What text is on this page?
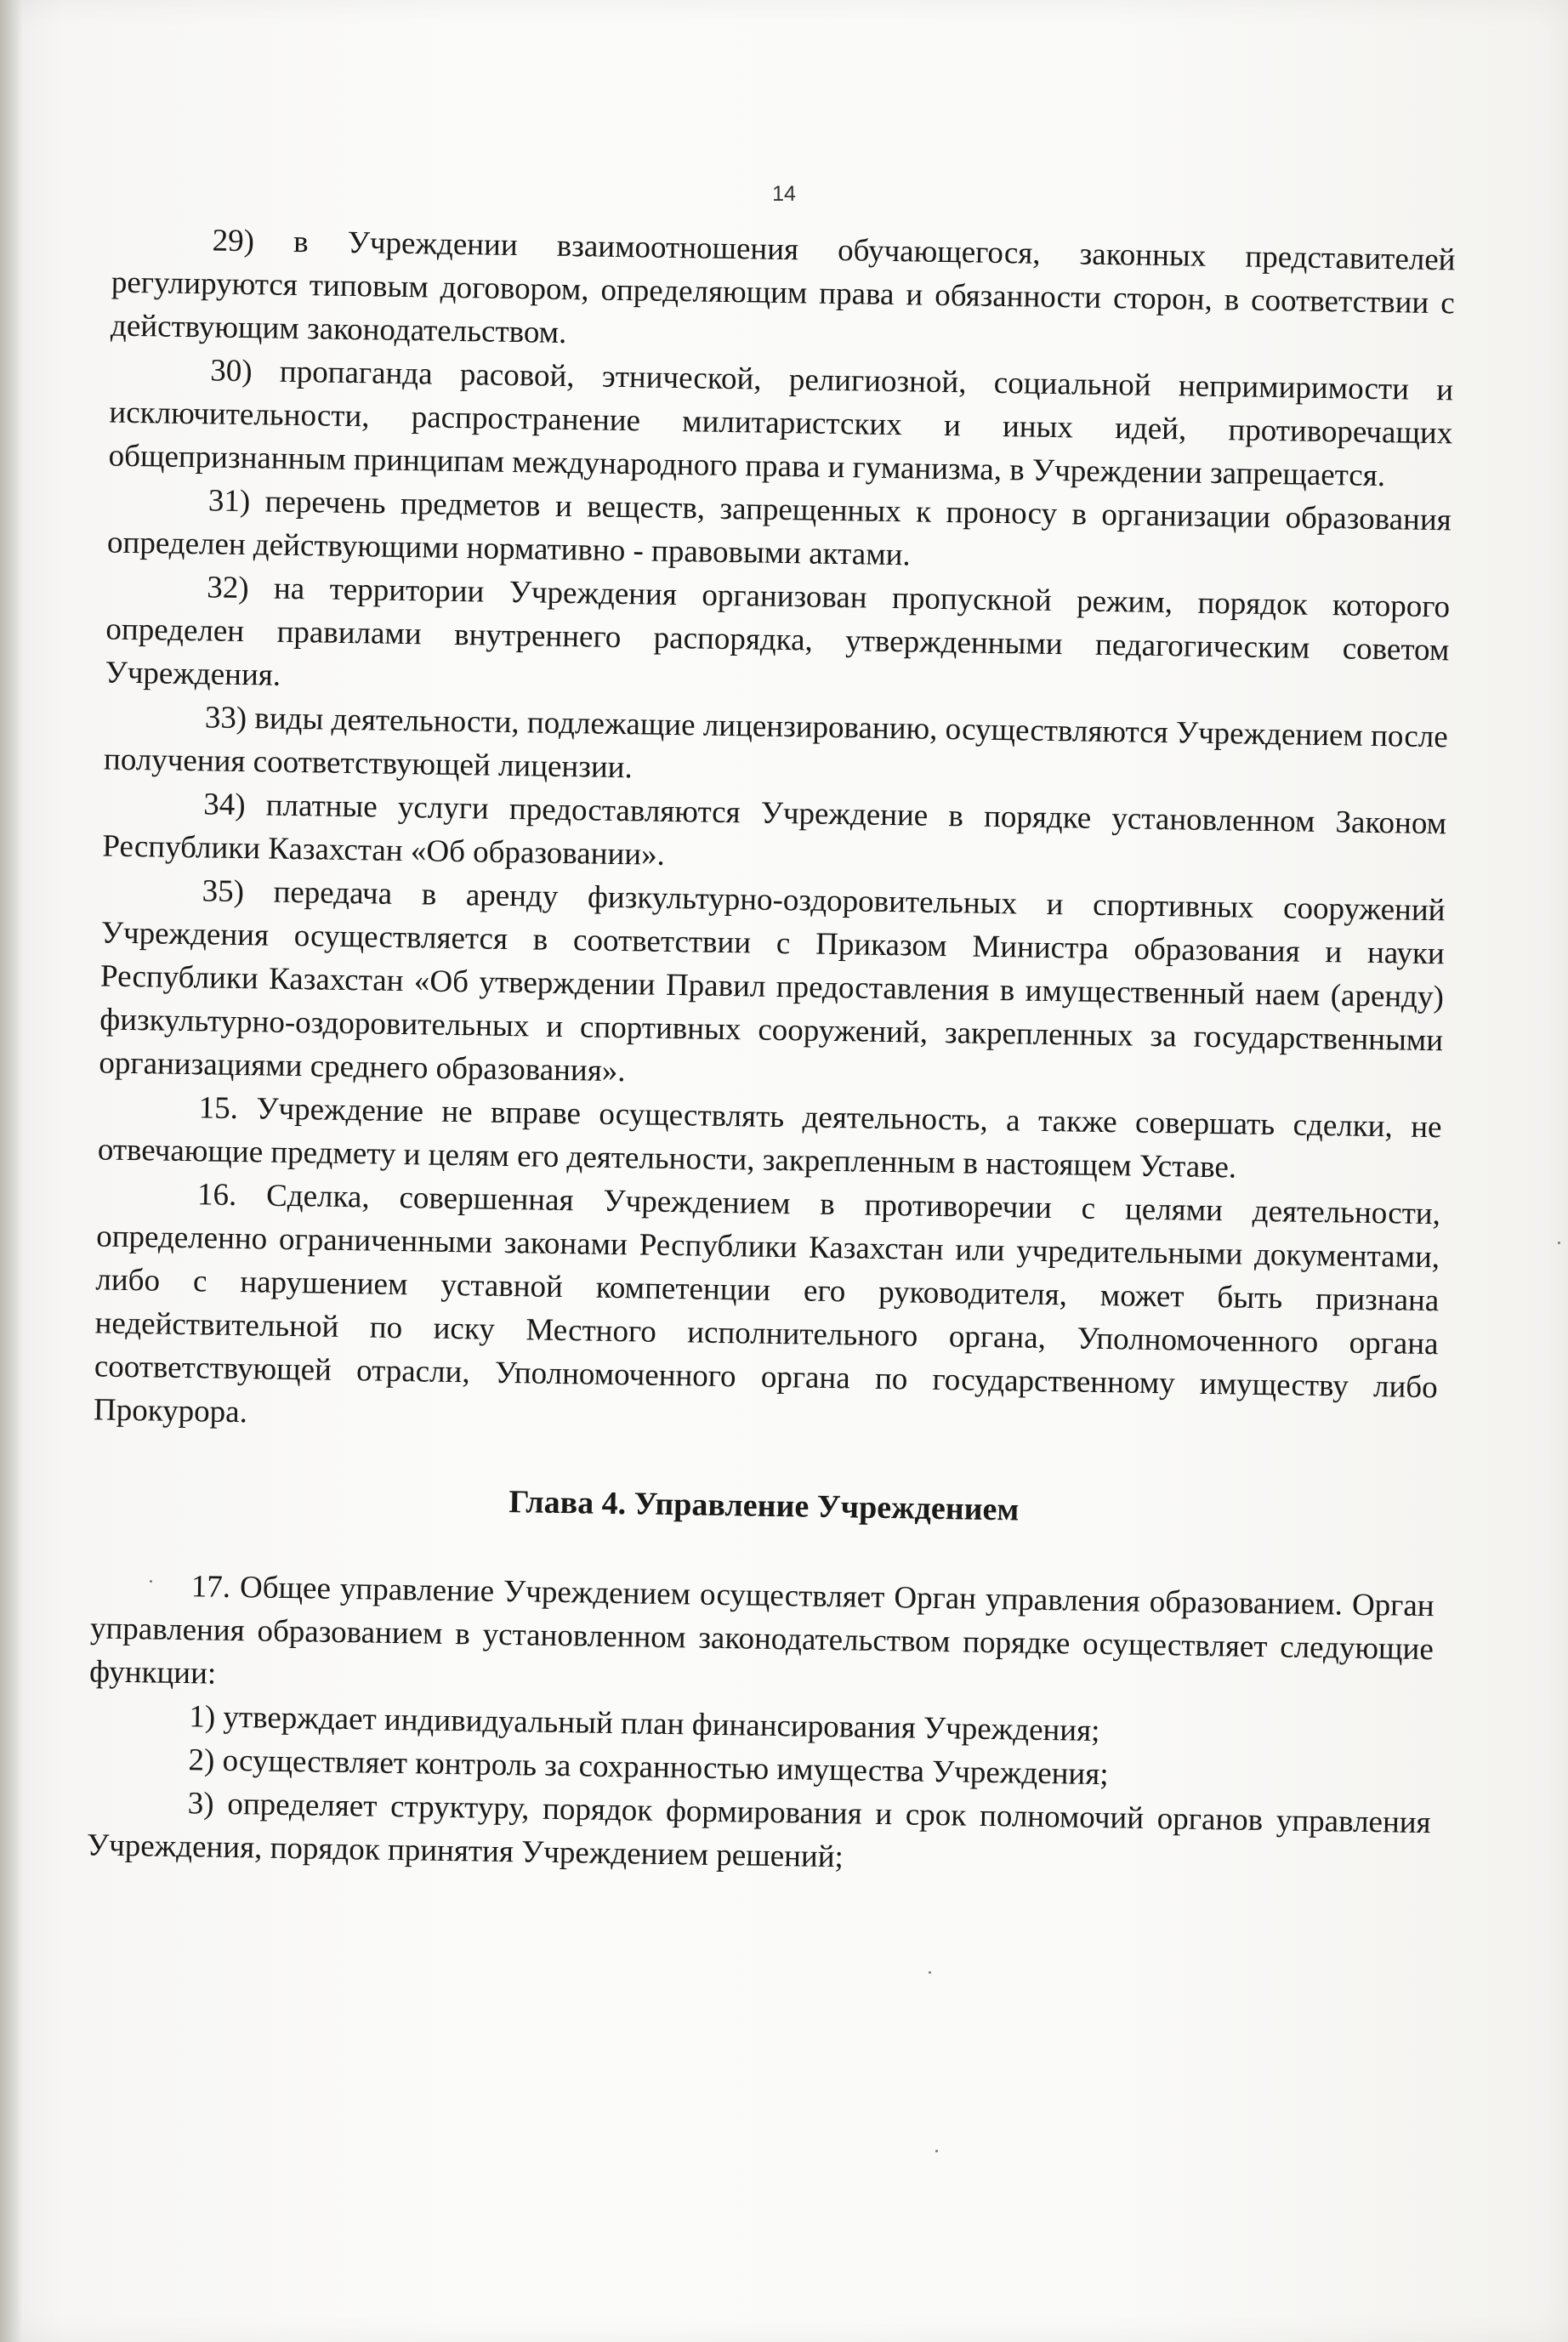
14

29) в Учреждении взаимоотношения обучающегося, законных представителей регулируются типовым договором, определяющим права и обязанности сторон, в соответствии с действующим законодательством.

30) пропаганда расовой, этнической, религиозной, социальной непримиримости и исключительности, распространение милитаристских и иных идей, противоречащих общепризнанным принципам международного права и гуманизма, в Учреждении запрещается.

31) перечень предметов и веществ, запрещенных к проносу в организации образования определен действующими нормативно - правовыми актами.

32) на территории Учреждения организован пропускной режим, порядок которого определен правилами внутреннего распорядка, утвержденными педагогическим советом Учреждения.

33) виды деятельности, подлежащие лицензированию, осуществляются Учреждением после получения соответствующей лицензии.

34) платные услуги предоставляются Учреждение в порядке установленном Законом Республики Казахстан «Об образовании».

35) передача в аренду физкультурно-оздоровительных и спортивных сооружений Учреждения осуществляется в соответствии с Приказом Министра образования и науки Республики Казахстан «Об утверждении Правил предоставления в имущественный наем (аренду) физкультурно-оздоровительных и спортивных сооружений, закрепленных за государственными организациями среднего образования».

15. Учреждение не вправе осуществлять деятельность, а также совершать сделки, не отвечающие предмету и целям его деятельности, закрепленным в настоящем Уставе.

16. Сделка, совершенная Учреждением в противоречии с целями деятельности, определенно ограниченными законами Республики Казахстан или учредительными документами, либо с нарушением уставной компетенции его руководителя, может быть признана недействительной по иску Местного исполнительного органа, Уполномоченного органа соответствующей отрасли, Уполномоченного органа по государственному имуществу либо Прокурора.

Глава 4. Управление Учреждением

17. Общее управление Учреждением осуществляет Орган управления образованием. Орган управления образованием в установленном законодательством порядке осуществляет следующие функции:

1) утверждает индивидуальный план финансирования Учреждения;

2) осуществляет контроль за сохранностью имущества Учреждения;

3) определяет структуру, порядок формирования и срок полномочий органов управления Учреждения, порядок принятия Учреждением решений;
